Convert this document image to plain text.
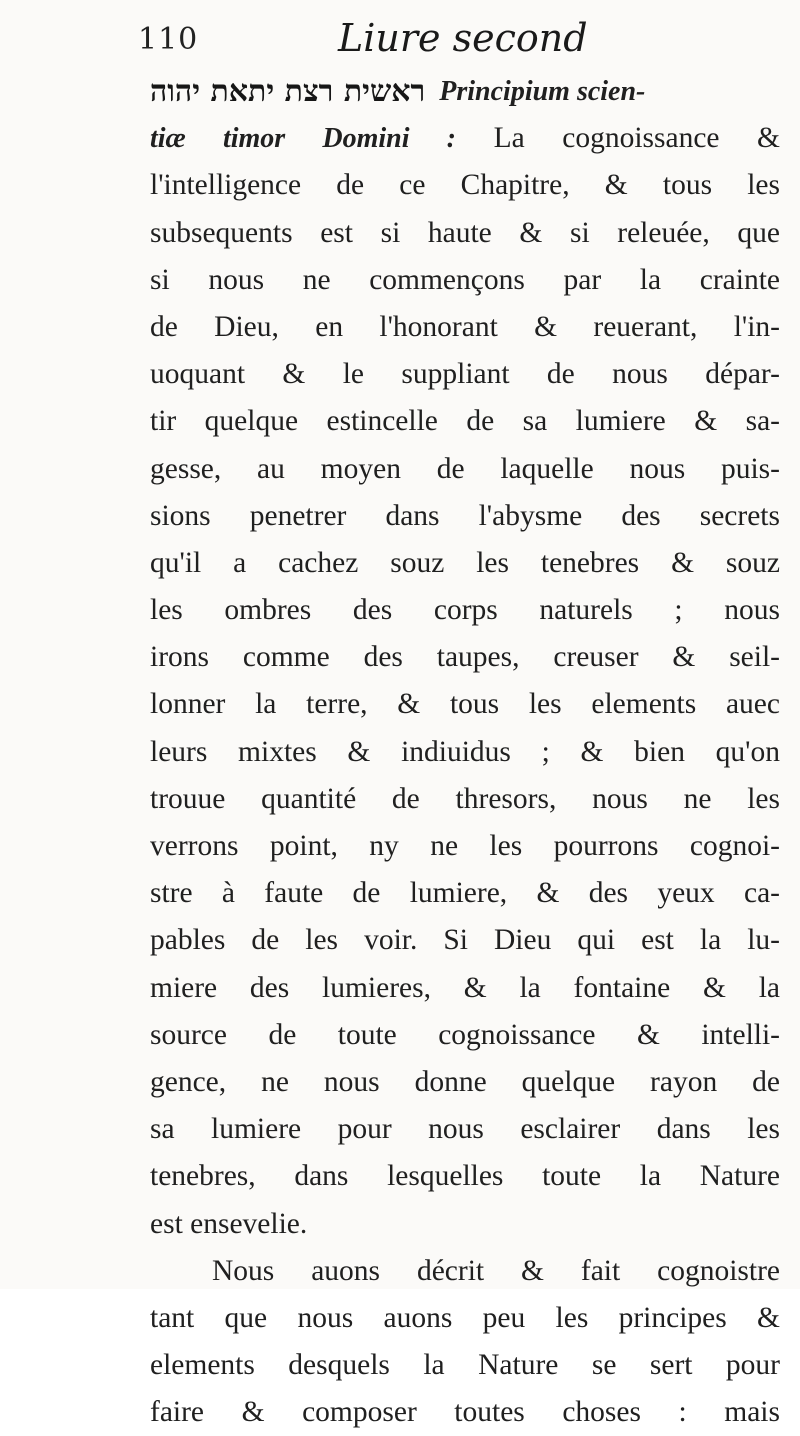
110	Liure second
ראשית רצת יתאת יהוה Principium scien-
tiæ timor Domini : La cognoissance &
l'intelligence de ce Chapitre, & tous les
subsequents est si haute & si releuée, que
si nous ne commençons par la crainte
de Dieu, en l'honorant & reuerant, l'in-
uoquant & le suppliant de nous dépar-
tir quelque estincelle de sa lumiere & sa-
gesse, au moyen de laquelle nous puis-
sions penetrer dans l'abysme des secrets
qu'il a cachez souz les tenebres & souz
les ombres des corps naturels ; nous
irons comme des taupes, creuser & seil-
lonner la terre, & tous les elements auec
leurs mixtes & indiuidus ; & bien qu'on
trouue quantité de thresors, nous ne les
verrons point, ny ne les pourrons cognoi-
stre à faute de lumiere, & des yeux ca-
pables de les voir. Si Dieu qui est la lu-
miere des lumieres, & la fontaine & la
source de toute cognoissance & intelli-
gence, ne nous donne quelque rayon de
sa lumiere pour nous esclairer dans les
tenebres, dans lesquelles toute la Nature
est ensevelie.
Nous auons décrit & fait cognoistre
tant que nous auons peu les principes &
elements desquels la Nature se sert pour
faire & composer toutes choses : mais
